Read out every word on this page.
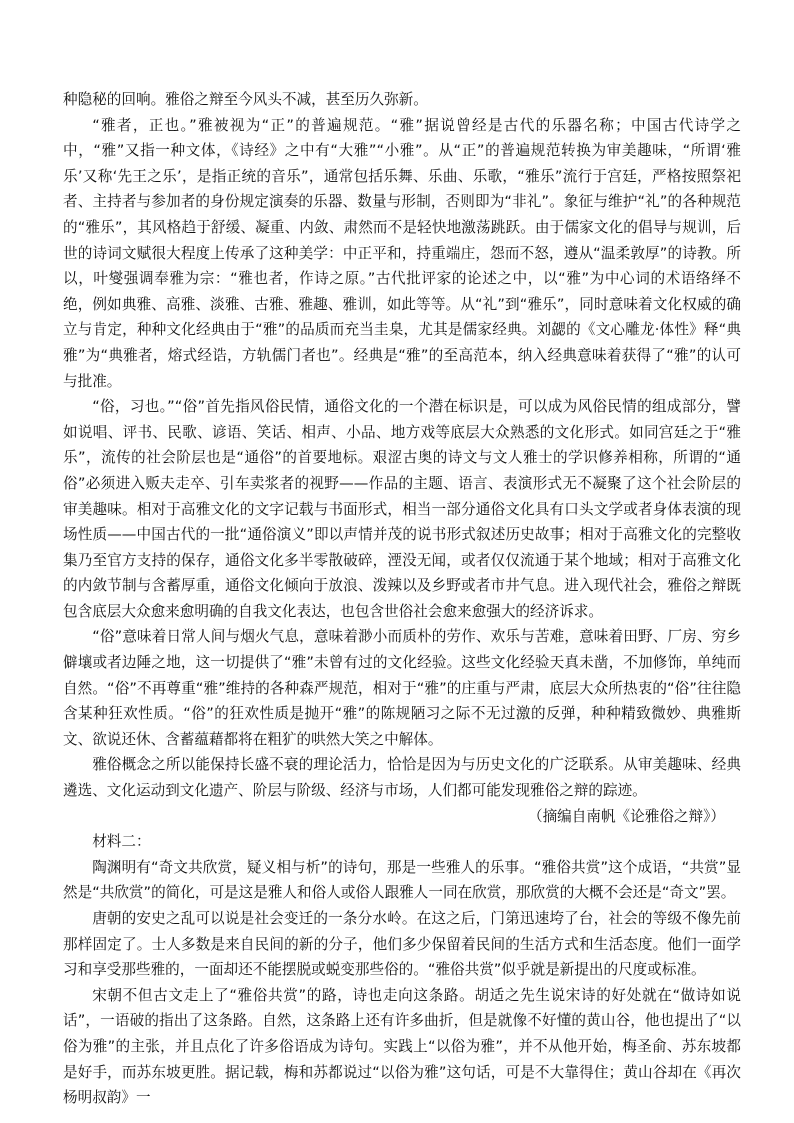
种隐秘的回响。雅俗之辩至今风头不减，甚至历久弥新。

“雅者，正也。”雅被视为“正”的普遍规范。“雅”据说曾经是古代的乐器名称；中国古代诗学之中，“雅”又指一种文体，《诗经》之中有“大雅”“小雅”。从“正”的普遍规范转换为审美趣味，“所谓‘雅乐’又称‘先王之乐’，是指正统的音乐”，通常包括乐舞、乐曲、乐歌，“雅乐”流行于宫廷，严格按照祭祀者、主持者与参加者的身份规定演奏的乐器、数量与形制，否则即为“非礼”。象征与维护“礼”的各种规范的“雅乐”，其风格趋于舒缓、凝重、内敛、肃然而不是轻快地激荡跳跃。由于儒家文化的倡导与规训，后世的诗词文赋很大程度上传承了这种美学：中正平和，持重端庄，怨而不怒，遵从“温柔敦厚”的诗教。所以，叶燮强调奉雅为宗：“雅也者，作诗之原。”古代批评家的论述之中，以“雅”为中心词的术语络绎不绝，例如典雅、高雅、淡雅、古雅、雅趣、雅训，如此等等。从“礼”到“雅乐”，同时意味着文化权威的确立与肯定，种种文化经典由于“雅”的品质而充当圭臬，尤其是儒家经典。刘勰的《文心雕龙·体性》释“典雅”为“典雅者，熔式经诰，方轨儒门者也”。经典是“雅”的至高范本，纳入经典意味着获得了“雅”的认可与批准。

“俗，习也。”“俗”首先指风俗民情，通俗文化的一个潜在标识是，可以成为风俗民情的组成部分，譬如说唱、评书、民歌、谚语、笑话、相声、小品、地方戏等底层大众熟悉的文化形式。如同宫廷之于“雅乐”，流传的社会阶层也是“通俗”的首要地标。艰涩古奥的诗文与文人雅士的学识修养相称，所谓的“通俗”必须进入贩夫走卒、引车卖浆者的视野——作品的主题、语言、表演形式无不凝聚了这个社会阶层的审美趣味。相对于高雅文化的文字记载与书面形式，相当一部分通俗文化具有口头文学或者身体表演的现场性质——中国古代的一批“通俗演义”即以声情并茂的说书形式叙述历史故事；相对于高雅文化的完整收集乃至官方支持的保存，通俗文化多半零散破碎，湮没无闻，或者仅仅流通于某个地域；相对于高雅文化的内敛节制与含蓄厚重，通俗文化倾向于放浪、泼辣以及乡野或者市井气息。进入现代社会，雅俗之辩既包含底层大众愈来愈明确的自我文化表达，也包含世俗社会愈来愈强大的经济诉求。

“俗”意味着日常人间与烟火气息，意味着渺小而质朴的劳作、欢乐与苦难，意味着田野、厂房、穷乡僻壤或者边陲之地，这一切提供了“雅”未曾有过的文化经验。这些文化经验天真未凿，不加修饰，单纯而自然。“俗”不再尊重“雅”维持的各种森严规范，相对于“雅”的庄重与严肃，底层大众所热衷的“俗”往往隐含某种狂欢性质。“俗”的狂欢性质是抛开“雅”的陈规陋习之际不无过激的反弹，种种精致微妙、典雅斯文、欲说还休、含蓄蕴藉都将在粗犷的哄然大笑之中解体。

雅俗概念之所以能保持长盛不衰的理论活力，恰恰是因为与历史文化的广泛联系。从审美趣味、经典遴选、文化运动到文化遗产、阶层与阶级、经济与市场，人们都可能发现雅俗之辩的踪迹。

（摘编自南帆《论雅俗之辩》）

材料二：

陶渊明有“奇文共欣赏，疑义相与析”的诗句，那是一些雅人的乐事。“雅俗共赏”这个成语，“共赏”显然是“共欣赏”的简化，可是这是雅人和俗人或俗人跟雅人一同在欣赏，那欣赏的大概不会还是“奇文”罢。

唐朝的安史之乱可以说是社会变迁的一条分水岭。在这之后，门第迅速垮了台，社会的等级不像先前那样固定了。士人多数是来自民间的新的分子，他们多少保留着民间的生活方式和生活态度。他们一面学习和享受那些雅的，一面却还不能摆脱或蜕变那些俗的。“雅俗共赏”似乎就是新提出的尺度或标准。

宋朝不但古文走上了“雅俗共赏”的路，诗也走向这条路。胡适之先生说宋诗的好处就在“做诗如说话”，一语破的指出了这条路。自然，这条路上还有许多曲折，但是就像不好懂的黄山谷，他也提出了“以俗为雅”的主张，并且点化了许多俗语成为诗句。实践上“以俗为雅”，并不从他开始，梅圣俞、苏东坡都是好手，而苏东坡更胜。据记载，梅和苏都说过“以俗为雅”这句话，可是不大靠得住；黄山谷却在《再次杨明叔韵》一
